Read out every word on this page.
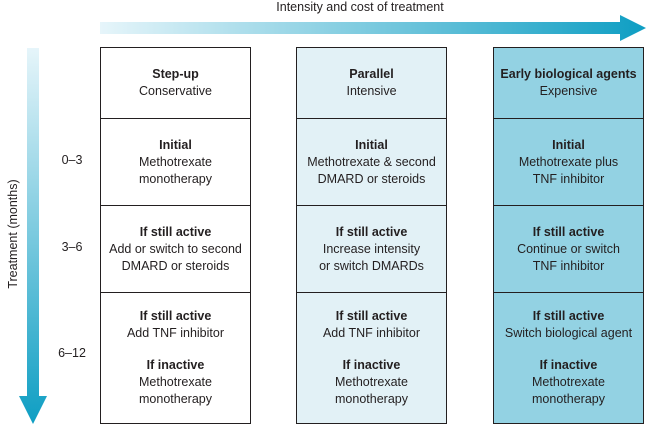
Intensity and cost of treatment
Treatment (months)
0–3
3–6
6–12
Step-up
Conservative
Initial
Methotrexate
monotherapy
If still active
Add or switch to second
DMARD or steroids
If still active
Add TNF inhibitor
If inactive
Methotrexate
monotherapy
Parallel
Intensive
Initial
Methotrexate & second
DMARD or steroids
If still active
Increase intensity
or switch DMARDs
If still active
Add TNF inhibitor
If inactive
Methotrexate
monotherapy
Early biological agents
Expensive
Initial
Methotrexate plus
TNF inhibitor
If still active
Continue or switch
TNF inhibitor
If still active
Switch biological agent
If inactive
Methotrexate
monotherapy
